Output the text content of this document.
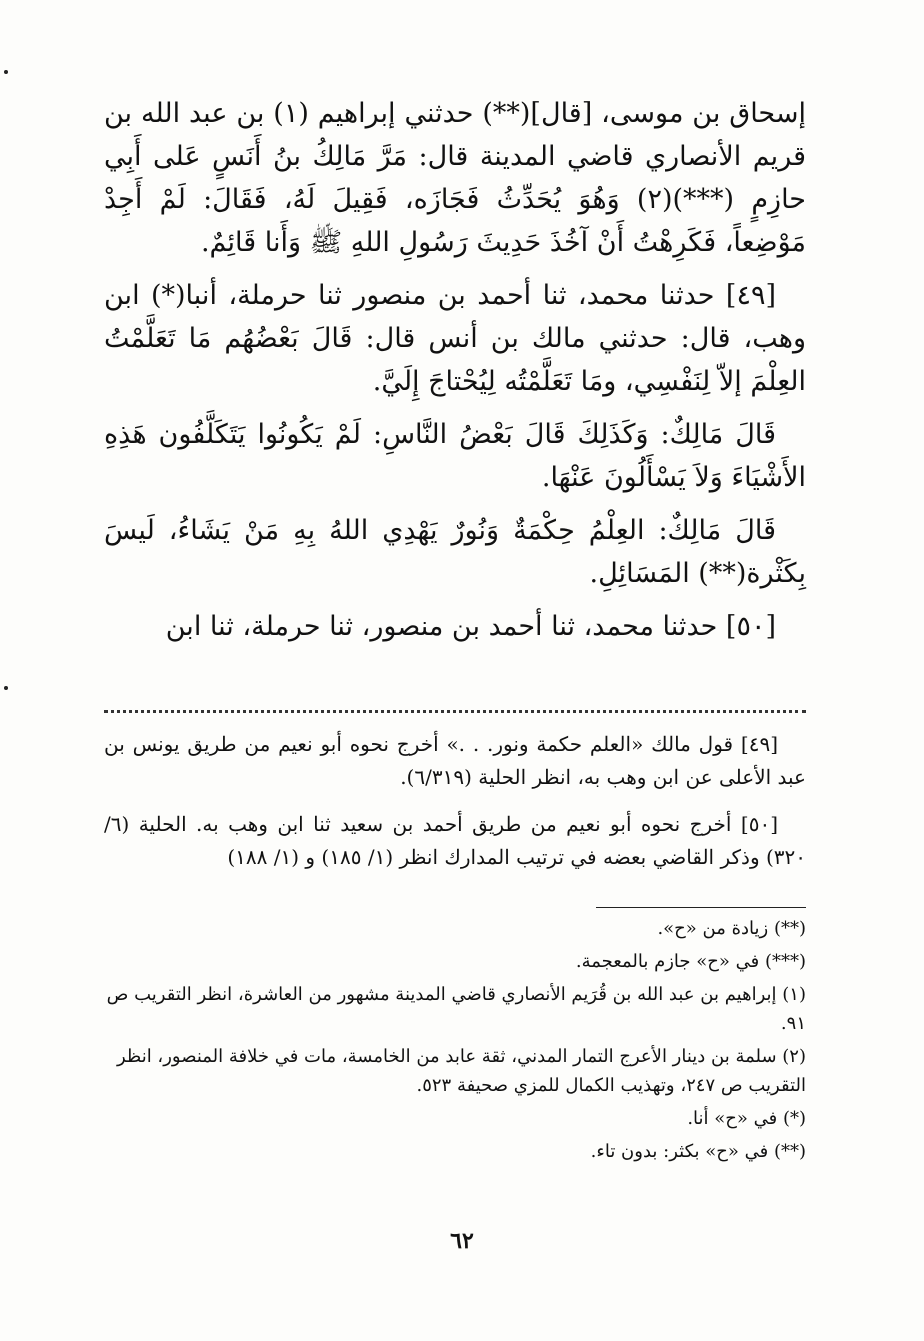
إسحاق بن موسى، [قال](**) حدثني إبراهيم (١) بن عبد الله بن قريم الأنصاري قاضي المدينة قال: مَرَّ مَالِكُ بنُ أَنَسٍ عَلى أَبِي حازِمٍ (***)(٢) وَهُوَ يُحَدِّثُ فَجَازَه، فَقِيلَ لَهُ، فَقَالَ: لَمْ أَجِدْ مَوْضِعاً، فَكَرِهْتُ أَنْ آخُذَ حَدِيثَ رَسُولِ اللهِ ﷺ وَأَنا قَائِمٌ.

[٤٩] حدثنا محمد، ثنا أحمد بن منصور ثنا حرملة، أنبا(*) ابن وهب، قال: حدثني مالك بن أنس قال: قَالَ بَعْضُهُم مَا تَعَلَّمْتُ العِلْمَ إلاّ لِنَفْسِي، ومَا تَعَلَّمْتُه لِيُحْتاجَ إِلَيَّ.

قَالَ مَالِكٌ: وَكَذَلِكَ قَالَ بَعْضُ النَّاسِ: لَمْ يَكُونُوا يَتَكَلَّفُون هَذِهِ الأَشْيَاءَ وَلاَ يَسْأَلُونَ عَنْهَا.

قَالَ مَالِكٌ: العِلْمُ حِكْمَةٌ وَنُورٌ يَهْدِي اللهُ بِهِ مَنْ يَشَاءُ، لَيسَ بِكَثْرة(**) المَسَائِلِ.

[٥٠] حدثنا محمد، ثنا أحمد بن منصور، ثنا حرملة، ثنا ابن

[٤٩] قول مالك «العلم حكمة ونور. . .» أخرج نحوه أبو نعيم من طريق يونس بن عبد الأعلى عن ابن وهب به، انظر الحلية (٦/٣١٩).

[٥٠] أخرج نحوه أبو نعيم من طريق أحمد بن سعيد ثنا ابن وهب به. الحلية (٦/ ٣٢٠) وذكر القاضي بعضه في ترتيب المدارك انظر (١/ ١٨٥) و (١/ ١٨٨)

(**) زيادة من «ح».

(***) في «ح» جازم بالمعجمة.

(١) إبراهيم بن عبد الله بن قُرَيم الأنصاري قاضي المدينة مشهور من العاشرة، انظر التقريب ص ٩١.

(٢) سلمة بن دينار الأعرج التمار المدني، ثقة عابد من الخامسة، مات في خلافة المنصور، انظر التقريب ص ٢٤٧، وتهذيب الكمال للمزي صحيفة ٥٢٣.

(*) في «ح» أنا.

(**) في «ح» بكثر: بدون تاء.

٦٢
